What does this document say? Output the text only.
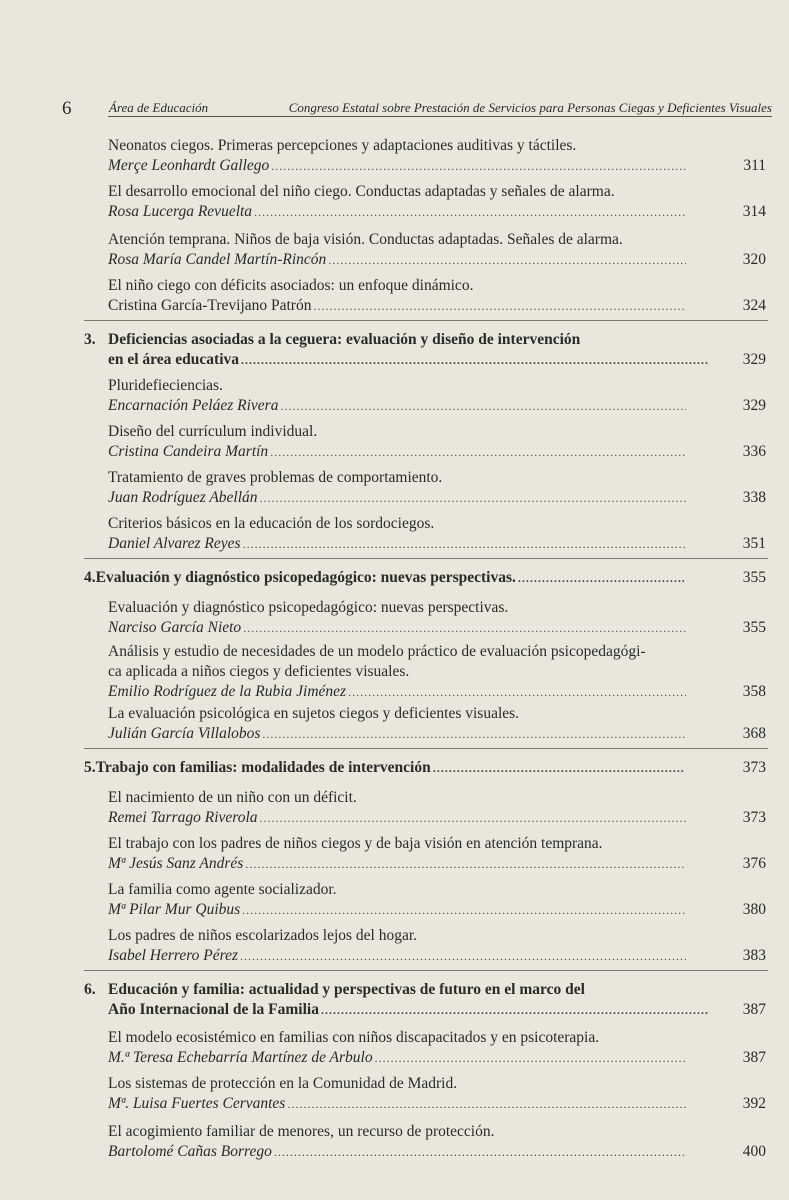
6	Área de Educación	Congreso Estatal sobre Prestación de Servicios para Personas Ciegas y Deficientes Visuales
Neonatos ciegos. Primeras percepciones y adaptaciones auditivas y táctiles.
Merçe Leonhardt Gallego .....	311
El desarrollo emocional del niño ciego. Conductas adaptadas y señales de alarma.
Rosa Lucerga Revuelta .....	314
Atención temprana. Niños de baja visión. Conductas adaptadas. Señales de alarma.
Rosa María Candel Martín-Rincón .....	320
El niño ciego con déficits asociados: un enfoque dinámico.
Cristina García-Trevijano Patrón .....	324
3. Deficiencias asociadas a la ceguera: evaluación y diseño de intervención
en el área educativa .....	329
Pluridefieciencias.
Encarnación Peláez Rivera .....	329
Diseño del currículum individual.
Cristina Candeira Martín .....	336
Tratamiento de graves problemas de comportamiento.
Juan Rodríguez Abellán .....	338
Criterios básicos en la educación de los sordociegos.
Daniel Alvarez Reyes .....	351
4. Evaluación y diagnóstico psicopedagógico: nuevas perspectivas. .....	355
Evaluación y diagnóstico psicopedagógico: nuevas perspectivas.
Narciso García Nieto .....	355
Análisis y estudio de necesidades de un modelo práctico de evaluación psicopedagógi-
ca aplicada a niños ciegos y deficientes visuales.
Emilio Rodríguez de la Rubia Jiménez .....	358
La evaluación psicológica en sujetos ciegos y deficientes visuales.
Julián García Villalobos .....	368
5. Trabajo con familias: modalidades de intervención .....	373
El nacimiento de un niño con un déficit.
Remei Tarrago Riverola .....	373
El trabajo con los padres de niños ciegos y de baja visión en atención temprana.
Mª Jesús Sanz Andrés .....	376
La familia como agente socializador.
Mª Pilar Mur Quibus .....	380
Los padres de niños escolarizados lejos del hogar.
Isabel Herrero Pérez .....	383
6. Educación y familia: actualidad y perspectivas de futuro en el marco del
Año Internacional de la Familia .....	387
El modelo ecosistémico en familias con niños discapacitados y en psicoterapia.
M.ª Teresa Echebarría Martínez de Arbulo .....	387
Los sistemas de protección en la Comunidad de Madrid.
Mª. Luisa Fuertes Cervantes .....	392
El acogimiento familiar de menores, un recurso de protección.
Bartolomé Cañas Borrego .....	400
